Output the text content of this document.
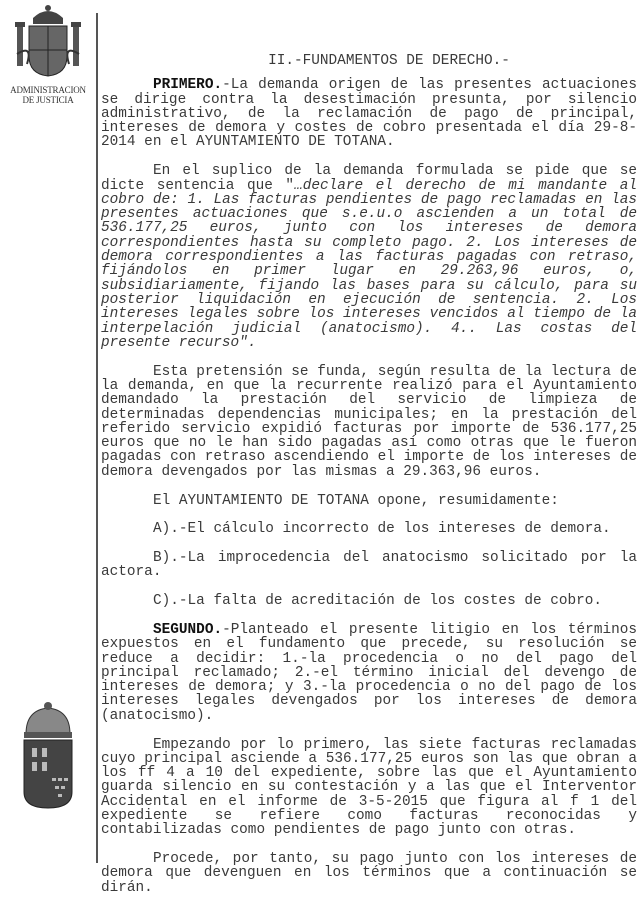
ADMINISTRACION
DE JUSTICIA
II.-FUNDAMENTOS DE DERECHO.-

PRIMERO.-La demanda origen de las presentes actuaciones se dirige contra la desestimación presunta, por silencio administrativo, de la reclamación de pago de principal, intereses de demora y costes de cobro presentada el día 29-8-2014 en el AYUNTAMIENTO DE TOTANA.

En el suplico de la demanda formulada se pide que se dicte sentencia que "…declare el derecho de mi mandante al cobro de: 1. Las facturas pendientes de pago reclamadas en las presentes actuaciones que s.e.u.o ascienden a un total de 536.177,25 euros, junto con los intereses de demora correspondientes hasta su completo pago. 2. Los intereses de demora correspondientes a las facturas pagadas con retraso, fijándolos en primer lugar en 29.263,96 euros, o, subsidiariamente, fijando las bases para su cálculo, para su posterior liquidación en ejecución de sentencia. 2. Los intereses legales sobre los intereses vencidos al tiempo de la interpelación judicial (anatocismo). 4.. Las costas del presente recurso".

Esta pretensión se funda, según resulta de la lectura de la demanda, en que la recurrente realizó para el Ayuntamiento demandado la prestación del servicio de limpieza de determinadas dependencias municipales; en la prestación del referido servicio expidió facturas por importe de 536.177,25 euros que no le han sido pagadas así como otras que le fueron pagadas con retraso ascendiendo el importe de los intereses de demora devengados por las mismas a 29.363,96 euros.

El AYUNTAMIENTO DE TOTANA opone, resumidamente:

A).-El cálculo incorrecto de los intereses de demora.

B).-La improcedencia del anatocismo solicitado por la actora.

C).-La falta de acreditación de los costes de cobro.

SEGUNDO.-Planteado el presente litigio en los términos expuestos en el fundamento que precede, su resolución se reduce a decidir: 1.-la procedencia o no del pago del principal reclamado; 2.-el término inicial del devengo de intereses de demora; y 3.-la procedencia o no del pago de los intereses legales devengados por los intereses de demora (anatocismo).

Empezando por lo primero, las siete facturas reclamadas cuyo principal asciende a 536.177,25 euros son las que obran a los ff 4 a 10 del expediente, sobre las que el Ayuntamiento guarda silencio en su contestación y a las que el Interventor Accidental en el informe de 3-5-2015 que figura al f 1 del expediente se refiere como facturas reconocidas y contabilizadas como pendientes de pago junto con otras.

Procede, por tanto, su pago junto con los intereses de demora que devenguen en los términos que a continuación se dirán.
